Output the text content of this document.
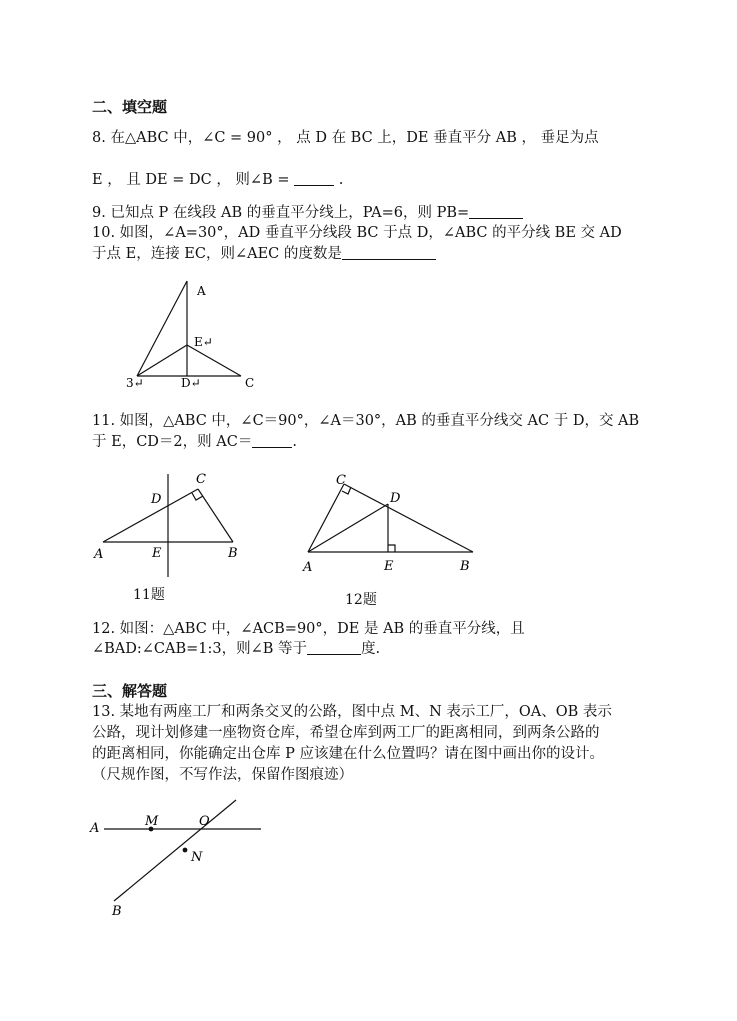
二、填空题
8. 在△ABC 中，∠C = 90° ， 点 D 在 BC 上，DE 垂直平分 AB ， 垂足为点
E ， 且 DE = DC ， 则∠B =	.
9. 已知点 P 在线段 AB 的垂直平分线上，PA=6，则 PB=
10. 如图，∠A=30°，AD 垂直平分线段 BC 于点 D，∠ABC 的平分线 BE 交 AD
于点 E，连接 EC，则∠AEC 的度数是
A
E↵
3↵	D↵	C
11. 如图，△ABC 中，∠C＝90°，∠A＝30°，AB 的垂直平分线交 AC 于 D，交 AB
于 E，CD＝2，则 AC＝	.
C
D
A	E	B
C
D
A	E	B
11题	12题
12. 如图：△ABC 中，∠ACB=90°，DE 是 AB 的垂直平分线，且
∠BAD:∠CAB=1:3，则∠B 等于	度.
三、解答题
13. 某地有两座工厂和两条交叉的公路，图中点 M、N 表示工厂，OA、OB 表示
公路，现计划修建一座物资仓库，希望仓库到两工厂的距离相同，到两条公路的
的距离相同，你能确定出仓库 P 应该建在什么位置吗？请在图中画出你的设计。
（尺规作图，不写作法，保留作图痕迹）
A	M	O
N
B
